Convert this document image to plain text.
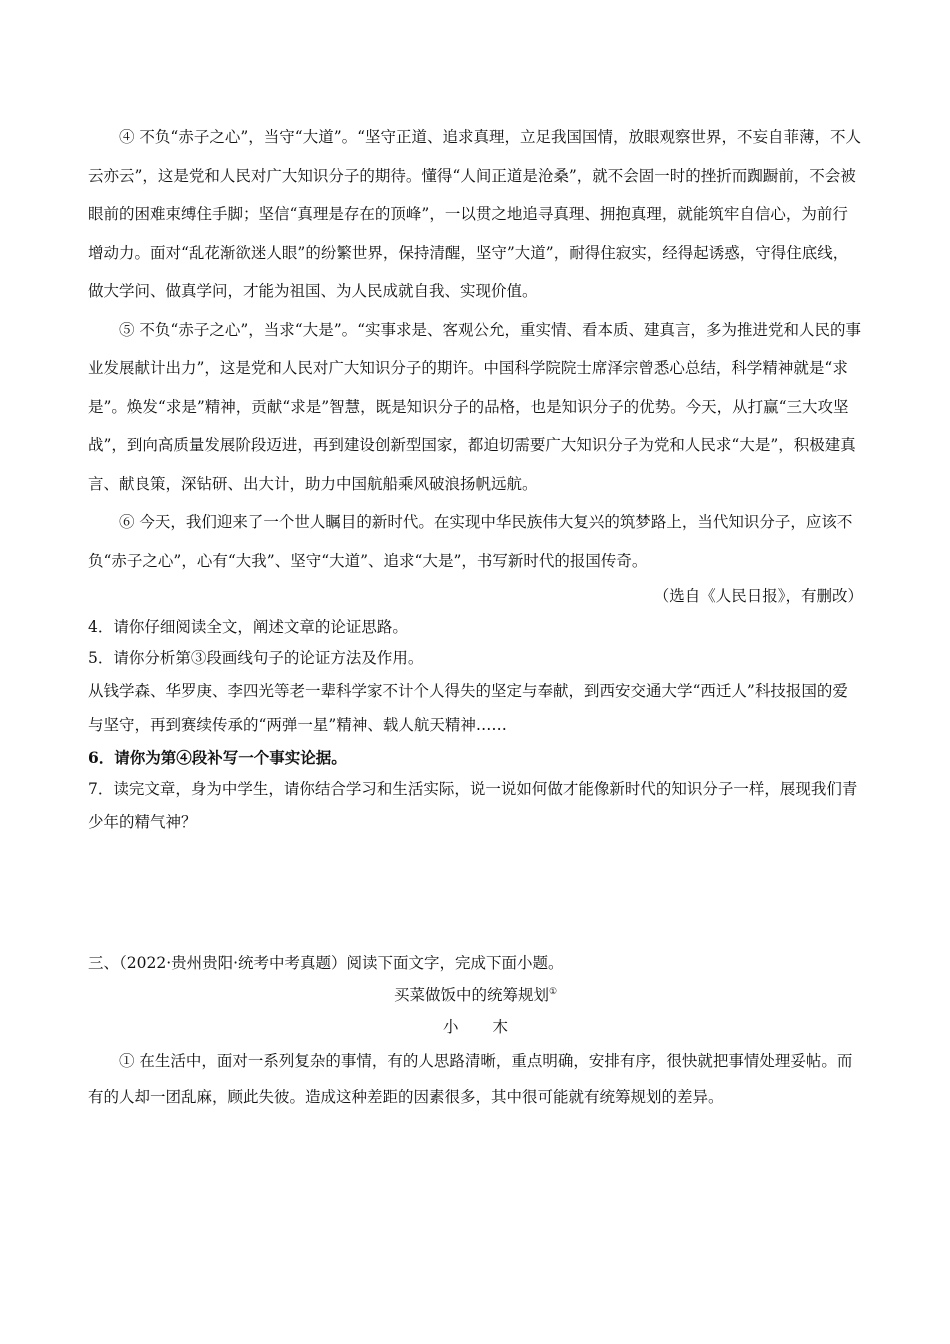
④ 不负“赤子之心”，当守“大道”。“坚守正道、追求真理，立足我国国情，放眼观察世界，不妄自菲薄，不人云亦云”，这是党和人民对广大知识分子的期待。懂得“人间正道是沧桑”，就不会固一时的挫折而踟蹰前，不会被眼前的困难束缚住手脚；坚信“真理是存在的顶峰”，一以贯之地追寻真理、拥抱真理，就能筑牢自信心，为前行增动力。面对“乱花渐欲迷人眼”的纷繁世界，保持清醒，坚守”大道”，耐得住寂实，经得起诱惑，守得住底线，做大学问、做真学问，才能为祖国、为人民成就自我、实现价值。

⑤ 不负“赤子之心”，当求“大是”。“实事求是、客观公允，重实情、看本质、建真言，多为推进党和人民的事业发展献计出力”，这是党和人民对广大知识分子的期许。中国科学院院士席泽宗曾悉心总结，科学精神就是“求是”。焕发“求是”精神，贡献“求是”智慧，既是知识分子的品格，也是知识分子的优势。今天，从打赢“三大攻坚战”，到向高质量发展阶段迈进，再到建设创新型国家，都迫切需要广大知识分子为党和人民求“大是”，积极建真言、献良策，深钻研、出大计，助力中国航船乘风破浪扬帆远航。

⑥ 今天，我们迎来了一个世人瞩目的新时代。在实现中华民族伟大复兴的筑梦路上，当代知识分子，应该不负“赤子之心”，心有“大我”、坚守“大道”、追求“大是”，书写新时代的报国传奇。

（选自《人民日报》，有删改）

4．请你仔细阅读全文，阐述文章的论证思路。

5．请你分析第③段画线句子的论证方法及作用。

从钱学森、华罗庚、李四光等老一辈科学家不计个人得失的坚定与奉献，到西安交通大学“西迁人”科技报国的爱与坚守，再到赛续传承的“两弹一星”精神、载人航天精神……

6．请你为第④段补写一个事实论据。

7．读完文章，身为中学生，请你结合学习和生活实际，说一说如何做才能像新时代的知识分子一样，展现我们青少年的精气神？

三、（2022·贵州贵阳·统考中考真题）阅读下面文字，完成下面小题。

买菜做饭中的统筹规划①

小木

① 在生活中，面对一系列复杂的事情，有的人思路清晰，重点明确，安排有序，很快就把事情处理妥帖。而有的人却一团乱麻，顾此失彼。造成这种差距的因素很多，其中很可能就有统筹规划的差异。
